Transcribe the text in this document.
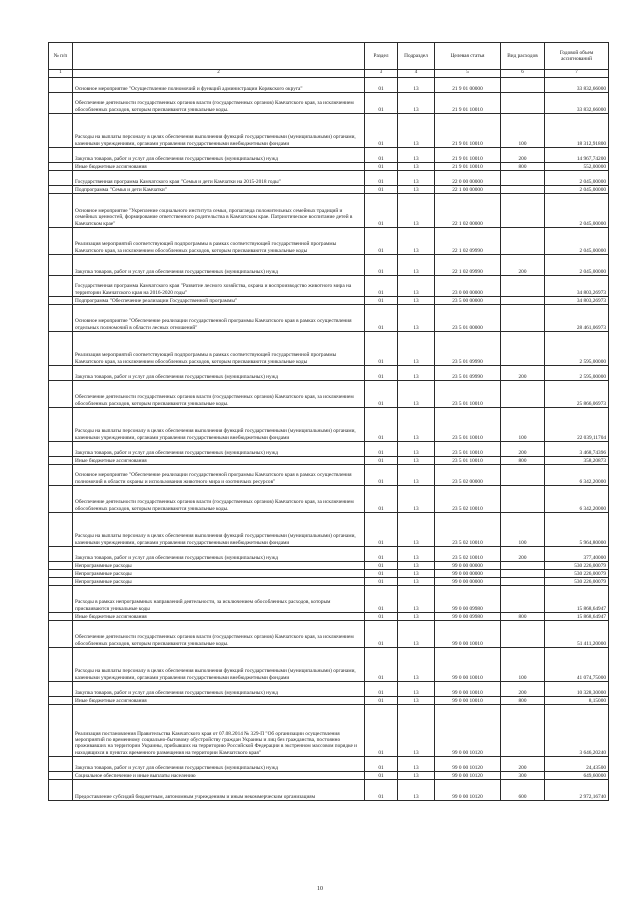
№ п/п		Раздел	Подраздел	Целевая статья	Вид расходов	Годовой объем ассигнований
1	2	3	4	5	6	7
	Основное мероприятие "Осуществление полномочий и функций администрации Корякского округа"	01	13	21 9 01 00000		33 832,66000
	Обеспечение деятельности государственных органов власти (государственных органов) Камчатского края, за исключением обособленных расходов, которым присваиваются уникальные коды.	01	13	21 9 01 10010		33 832,66000
	Расходы на выплаты персоналу в целях обеспечения выполнения функций государственными (муниципальными) органами, казенными учреждениями, органами управления государственными внебюджетными фондами	01	13	21 9 01 10010	100	18 312,91800
	Закупка товаров, работ и услуг для обеспечения государственных (муниципальных) нужд	01	13	21 9 01 10010	200	14 967,74200
	Иные бюджетные ассигнования	01	13	21 9 01 10010	800	552,00000
	Государственная программа Камчатского края "Семья и дети Камчатки на 2015-2018 годы"	01	13	22 0 00 00000		2 045,00000
	Подпрограмма "Семья и дети Камчатки"	01	13	22 1 00 00000		2 045,00000
	Основное мероприятие "Укрепление социального института семьи, пропаганда положительных семейных традиций и семейных ценностей, формирование ответственного родительства в Камчатском крае. Патриотическое воспитание детей в Камчатском крае"	01	13	22 1 02 00000		2 045,00000
	Реализация мероприятий соответствующей подпрограммы в рамках соответствующей государственной программы Камчатского края, за исключением обособленных расходов, которым присваиваются уникальные коды	01	13	22 1 02 09990		2 045,00000
	Закупка товаров, работ и услуг для обеспечения государственных (муниципальных) нужд	01	13	22 1 02 09990	200	2 045,00000
	Государственная программа Камчатского края "Развитие лесного хозяйства, охрана и воспроизводство животного мира на территории Камчатского края на 2016-2020 годы"	01	13	23 0 00 00000		34 803,26973
	Подпрограмма "Обеспечение реализации Государственной программы"	01	13	23 5 00 00000		34 803,26973
	Основное мероприятие "Обеспечение реализации государственной программы Камчатского края в рамках осуществления отдельных полномочий в области лесных отношений"	01	13	23 5 01 00000		28 461,06973
	Реализация мероприятий соответствующей подпрограммы в рамках соответствующей государственной программы Камчатского края, за исключением обособленных расходов, которым присваиваются уникальные коды	01	13	23 5 01 09990		2 595,00000
	Закупка товаров, работ и услуг для обеспечения государственных (муниципальных) нужд	01	13	23 5 01 09990	200	2 595,00000
	Обеспечение деятельности государственных органов власти (государственных органов) Камчатского края, за исключением обособленных расходов, которым присваиваются уникальные коды.	01	13	23 5 01 10010		25 866,06973
	Расходы на выплаты персоналу в целях обеспечения выполнения функций государственными (муниципальными) органами, казенными учреждениями, органами управления государственными внебюджетными фондами	01	13	23 5 01 10010	100	22 039,11704
	Закупка товаров, работ и услуг для обеспечения государственных (муниципальных) нужд	01	13	23 5 01 10010	200	3 468,74396
	Иные бюджетные ассигнования	01	13	23 5 01 10010	800	358,20873
	Основное мероприятие "Обеспечение реализации государственной программы Камчатского края в рамках осуществления полномочий в области охраны и использования животного мира и охотничьих ресурсов"	01	13	23 5 02 00000		6 342,20000
	Обеспечение деятельности государственных органов власти (государственных органов) Камчатского края, за исключением обособленных расходов, которым присваиваются уникальные коды.	01	13	23 5 02 10010		6 342,20000
	Расходы на выплаты персоналу в целях обеспечения выполнения функций государственными (муниципальными) органами, казенными учреждениями, органами управления государственными внебюджетными фондами	01	13	23 5 02 10010	100	5 964,80000
	Закупка товаров, работ и услуг для обеспечения государственных (муниципальных) нужд	01	13	23 5 02 10010	200	377,40000
	Непрограммные расходы	01	13	99 0 00 00000		530 226,00079
	Непрограммные расходы	01	13	99 0 00 00000		530 226,00079
	Непрограммные расходы	01	13	99 0 00 00000		530 226,00079
	Расходы в рамках непрограммных направлений деятельности, за исключением обособленных расходов, которым присваиваются уникальные коды	01	13	99 0 00 09980		15 868,64947
	Иные бюджетные ассигнования	01	13	99 0 00 09980	800	15 868,64947
	Обеспечение деятельности государственных органов власти (государственных органов) Камчатского края, за исключением обособленных расходов, которым присваиваются уникальные коды.	01	13	99 0 00 10010		51 411,20000
	Расходы на выплаты персоналу в целях обеспечения выполнения функций государственными (муниципальными) органами, казенными учреждениями, органами управления государственными внебюджетными фондами	01	13	99 0 00 10010	100	41 074,75000
	Закупка товаров, работ и услуг для обеспечения государственных (муниципальных) нужд	01	13	99 0 00 10010	200	10 328,30000
	Иные бюджетные ассигнования	01	13	99 0 00 10010	800	8,15000
	Реализация постановления Правительства Камчатского края от 07.08.2014 № 329-П "Об организации осуществления мероприятий по временному социально-бытовому обустройству граждан Украины и лиц без гражданства, постоянно проживавших на территории Украины, прибывших на территорию Российской Федерации в экстренном массовом порядке и находящихся в пунктах временного размещения на территории Камчатского края"	01	13	99 0 00 10120		3 646,20240
	Закупка товаров, работ и услуг для обеспечения государственных (муниципальных) нужд	01	13	99 0 00 10120	200	24,43500
	Социальное обеспечение и иные выплаты населению	01	13	99 0 00 10120	300	649,60000
	Предоставление субсидий бюджетным, автономным учреждениям и иным некоммерческим организациям	01	13	99 0 00 10120	600	2 972,16740
10
